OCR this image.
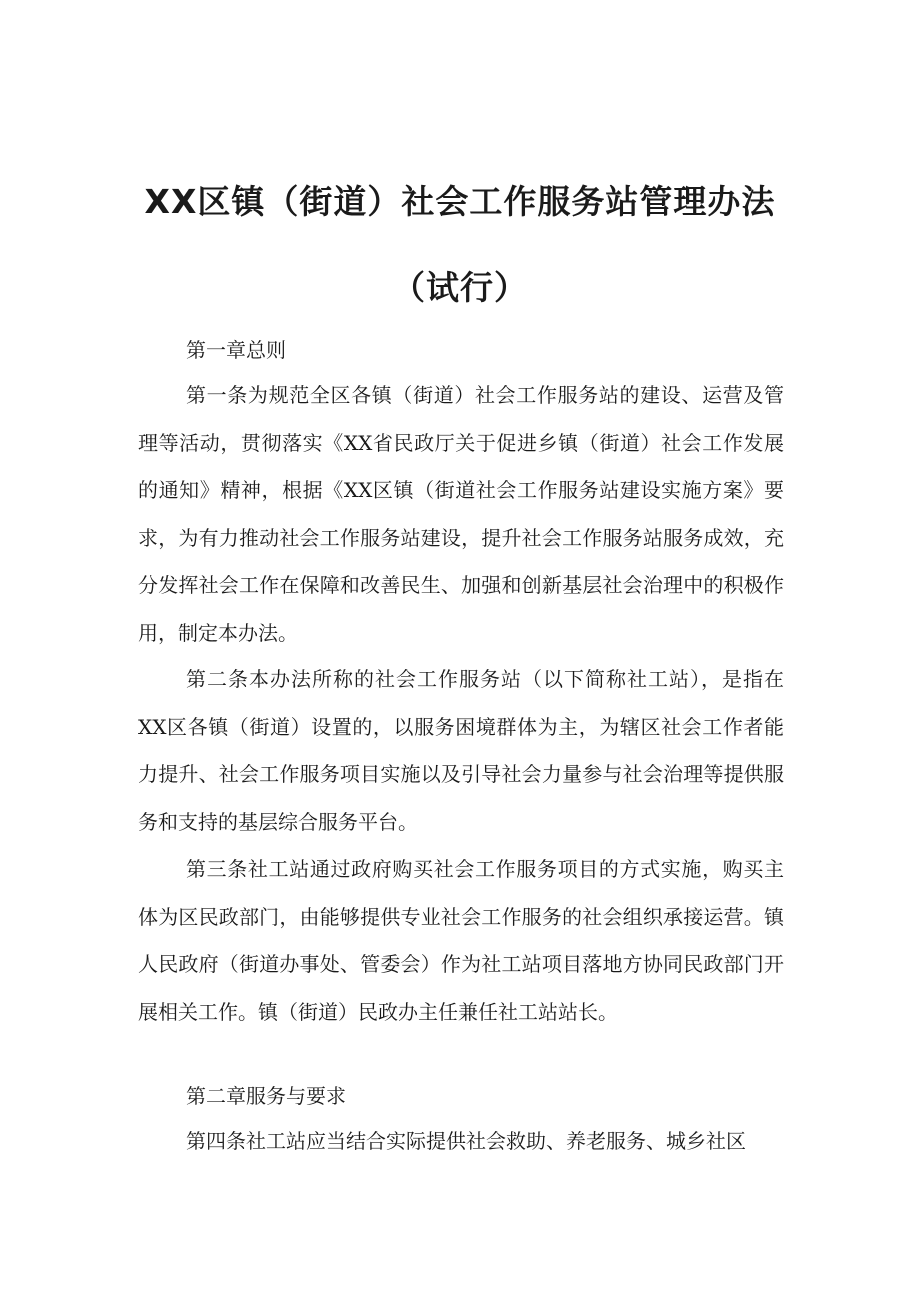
XX区镇（街道）社会工作服务站管理办法
（试行）

第一章总则

第一条为规范全区各镇（街道）社会工作服务站的建设、运营及管理等活动，贯彻落实《XX省民政厅关于促进乡镇（街道）社会工作发展的通知》精神，根据《XX区镇（街道社会工作服务站建设实施方案》要求，为有力推动社会工作服务站建设，提升社会工作服务站服务成效，充分发挥社会工作在保障和改善民生、加强和创新基层社会治理中的积极作用，制定本办法。

第二条本办法所称的社会工作服务站（以下简称社工站），是指在XX区各镇（街道）设置的，以服务困境群体为主，为辖区社会工作者能力提升、社会工作服务项目实施以及引导社会力量参与社会治理等提供服务和支持的基层综合服务平台。

第三条社工站通过政府购买社会工作服务项目的方式实施，购买主体为区民政部门，由能够提供专业社会工作服务的社会组织承接运营。镇人民政府（街道办事处、管委会）作为社工站项目落地方协同民政部门开展相关工作。镇（街道）民政办主任兼任社工站站长。

第二章服务与要求

第四条社工站应当结合实际提供社会救助、养老服务、城乡社区
